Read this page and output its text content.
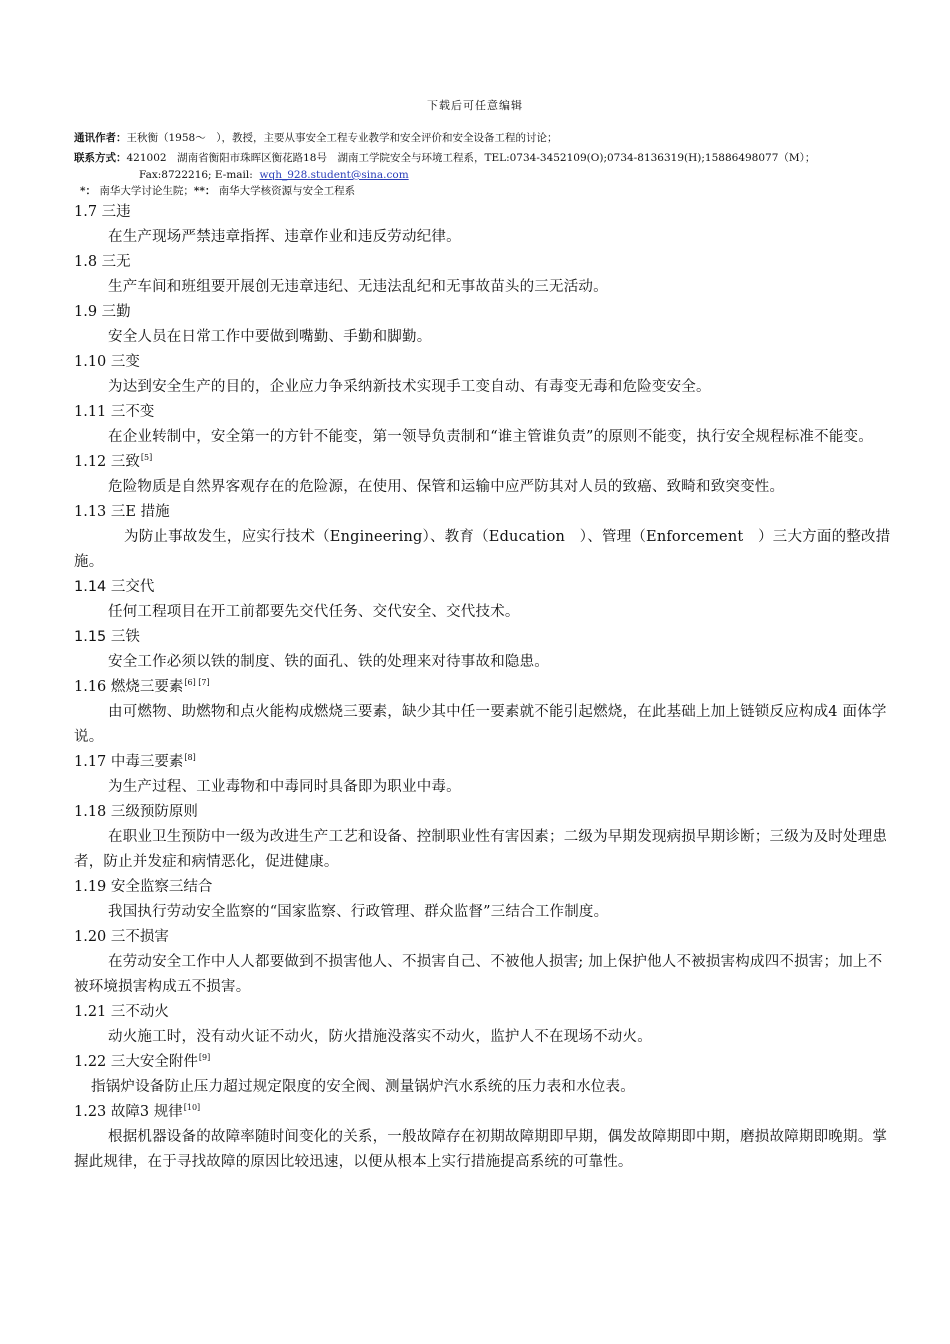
下载后可任意编辑
通讯作者：王秋衡（1958～　），教授，主要从事安全工程专业教学和安全评价和安全设备工程的讨论；
联系方式：421002　湖南省衡阳市珠晖区衡花路18号　湖南工学院安全与环境工程系，TEL:0734-3452109(O);0734-8136319(H);15886498077（M）；
Fax:8722216; E-mail: wqh_928.student@sina.com
*： 南华大学讨论生院；**： 南华大学核资源与安全工程系
1.7 三违
在生产现场严禁违章指挥、违章作业和违反劳动纪律。
1.8 三无
生产车间和班组要开展创无违章违纪、无违法乱纪和无事故苗头的三无活动。
1.9 三勤
安全人员在日常工作中要做到嘴勤、手勤和脚勤。
1.10 三变
为达到安全生产的目的，企业应力争采纳新技术实现手工变自动、有毒变无毒和危险变安全。
1.11 三不变
在企业转制中，安全第一的方针不能变，第一领导负责制和“谁主管谁负责”的原则不能变，执行安全规程标准不能变。
1.12 三致[5]
危险物质是自然界客观存在的危险源，在使用、保管和运输中应严防其对人员的致癌、致畸和致突变性。
1.13 三E 措施
为防止事故发生，应实行技术（Engineering）、教育（Education　）、管理（Enforcement　）三大方面的整改措施。
1.14 三交代
任何工程项目在开工前都要先交代任务、交代安全、交代技术。
1.15 三铁
安全工作必须以铁的制度、铁的面孔、铁的处理来对待事故和隐患。
1.16 燃烧三要素[6] [7]
由可燃物、助燃物和点火能构成燃烧三要素，缺少其中任一要素就不能引起燃烧，在此基础上加上链锁反应构成4 面体学说。
1.17 中毒三要素[8]
为生产过程、工业毒物和中毒同时具备即为职业中毒。
1.18 三级预防原则
在职业卫生预防中一级为改进生产工艺和设备、控制职业性有害因素；二级为早期发现病损早期诊断；三级为及时处理患者，防止并发症和病情恶化，促进健康。
1.19 安全监察三结合
我国执行劳动安全监察的“国家监察、行政管理、群众监督”三结合工作制度。
1.20 三不损害
在劳动安全工作中人人都要做到不损害他人、不损害自己、不被他人损害; 加上保护他人不被损害构成四不损害；加上不被环境损害构成五不损害。
1.21 三不动火
动火施工时，没有动火证不动火，防火措施没落实不动火，监护人不在现场不动火。
1.22 三大安全附件[9]
指锅炉设备防止压力超过规定限度的安全阀、测量锅炉汽水系统的压力表和水位表。
1.23 故障3 规律[10]
根据机器设备的故障率随时间变化的关系，一般故障存在初期故障期即早期，偶发故障期即中期，磨损故障期即晚期。掌握此规律，在于寻找故障的原因比较迅速，以便从根本上实行措施提高系统的可靠性。
